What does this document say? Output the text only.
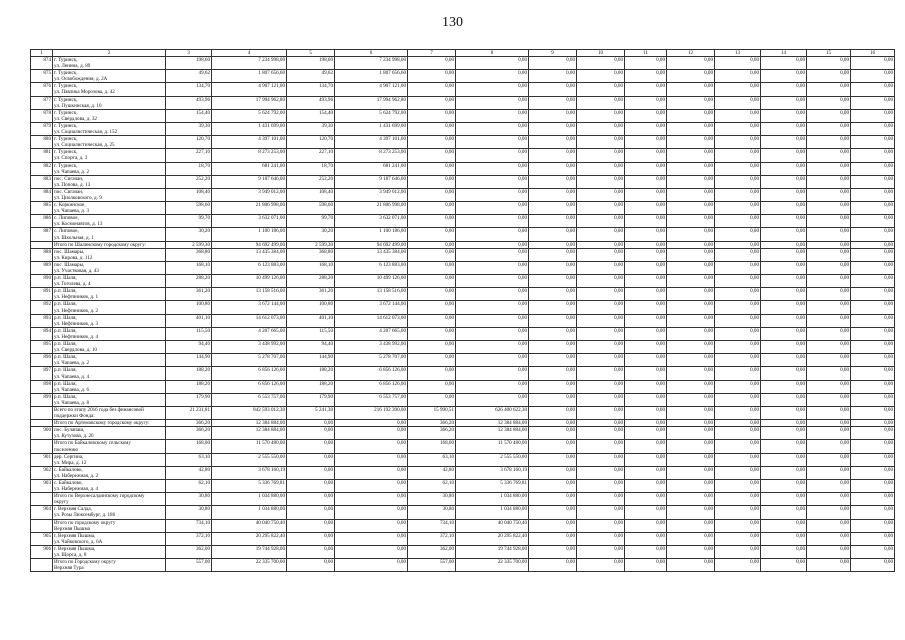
130
1	2	3	4	5	6	7	8	9	10	11	12	13	14	15	16
874	г. Туринск,
ул. Ленина, д. 89	198,60	7 234 998,00	198,60	7 234 998,00	0,00	0,00	0,00	0,00	0,00	0,00	0,00	0,00	0,00	0,00
875	г. Туринск,
ул. Освобождения, д. 2А	49,62	1 807 656,60	49,62	1 807 656,60	0,00	0,00	0,00	0,00	0,00	0,00	0,00	0,00	0,00	0,00
876	г. Туринск,
ул. Павлика Морозова, д. 42	134,70	4 907 121,00	134,70	4 907 121,00	0,00	0,00	0,00	0,00	0,00	0,00	0,00	0,00	0,00	0,00
877	г. Туринск,
ул. Пушкинская, д. 10	493,96	17 994 962,80	493,96	17 994 962,80	0,00	0,00	0,00	0,00	0,00	0,00	0,00	0,00	0,00	0,00
878	г. Туринск,
ул. Свердлова, д. 32	154,40	5 624 792,00	154,40	5 624 792,00	0,00	0,00	0,00	0,00	0,00	0,00	0,00	0,00	0,00	0,00
879	г. Туринск,
ул. Социалистическая, д. 152	39,30	1 431 699,00	39,30	1 431 699,00	0,00	0,00	0,00	0,00	0,00	0,00	0,00	0,00	0,00	0,00
880	г. Туринск,
ул. Социалистическая, д. 25	120,70	4 397 101,00	120,70	4 397 101,00	0,00	0,00	0,00	0,00	0,00	0,00	0,00	0,00	0,00	0,00
881	г. Туринск,
ул. Спорта, д. 3	227,10	8 273 253,00	227,10	8 273 253,00	0,00	0,00	0,00	0,00	0,00	0,00	0,00	0,00	0,00	0,00
882	г. Туринск,
ул. Чапаева, д. 2	18,70	681 241,00	18,70	681 241,00	0,00	0,00	0,00	0,00	0,00	0,00	0,00	0,00	0,00	0,00
883	пос. Сигачан,
ул. Попова, д. 13	252,20	9 187 646,00	252,20	9 187 646,00	0,00	0,00	0,00	0,00	0,00	0,00	0,00	0,00	0,00	0,00
884	пос. Сигачан,
ул. Циолковского, д. 9	108,40	3 949 012,00	108,40	3 949 012,00	0,00	0,00	0,00	0,00	0,00	0,00	0,00	0,00	0,00	0,00
885	с. Коркинское,
ул. Чапаева, д. 3	598,60	21 806 998,00	598,60	21 806 998,00	0,00	0,00	0,00	0,00	0,00	0,00	0,00	0,00	0,00	0,00
886	с. Липовое,
ул. Космонавтов, д. 13	99,70	3 632 071,00	99,70	3 632 071,00	0,00	0,00	0,00	0,00	0,00	0,00	0,00	0,00	0,00	0,00
887	с. Липовое,
ул. Школьная, д. 1	30,20	1 100 186,00	30,20	1 100 186,00	0,00	0,00	0,00	0,00	0,00	0,00	0,00	0,00	0,00	0,00

	Итого по Шалинскому городскому округу:	2 599,30	94 692 499,00	2 599,30	94 692 499,00	0,00	0,00	0,00	0,00	0,00	0,00	0,00	0,00	0,00	0,00
888	пос. Шамары,
ул. Кирова, д. 112	368,80	13 435 384,00	368,80	13 435 384,00	0,00	0,00	0,00	0,00	0,00	0,00	0,00	0,00	0,00	0,00
889	пос. Шамары,
ул. Участковая, д. 43	168,10	6 123 883,00	168,10	6 123 883,00	0,00	0,00	0,00	0,00	0,00	0,00	0,00	0,00	0,00	0,00
890	р.п. Шаля,
ул. Гоголева, д. 4	288,20	10 499 126,00	288,20	10 499 126,00	0,00	0,00	0,00	0,00	0,00	0,00	0,00	0,00	0,00	0,00
891	р.п. Шаля,
ул. Нефтяников, д. 1	361,20	13 158 516,00	361,20	13 158 516,00	0,00	0,00	0,00	0,00	0,00	0,00	0,00	0,00	0,00	0,00
892	р.п. Шаля,
ул. Нефтяников, д. 2	100,80	3 672 144,00	100,80	3 672 144,00	0,00	0,00	0,00	0,00	0,00	0,00	0,00	0,00	0,00	0,00
893	р.п. Шаля,
ул. Нефтяников, д. 3	401,10	14 612 073,00	401,10	14 612 073,00	0,00	0,00	0,00	0,00	0,00	0,00	0,00	0,00	0,00	0,00
894	р.п. Шаля,
ул. Нефтяников, д. 4	115,50	4 207 665,00	115,50	4 207 665,00	0,00	0,00	0,00	0,00	0,00	0,00	0,00	0,00	0,00	0,00
895	р.п. Шаля,
ул. Свердлова, д. 10	94,40	3 438 992,00	94,40	3 438 992,00	0,00	0,00	0,00	0,00	0,00	0,00	0,00	0,00	0,00	0,00
896	р.п. Шаля,
ул. Чапаева, д. 2	144,90	5 278 707,00	144,90	5 278 707,00	0,00	0,00	0,00	0,00	0,00	0,00	0,00	0,00	0,00	0,00
897	р.п. Шаля,
ул. Чапаева, д. 4	188,20	6 856 126,00	188,20	6 856 126,00	0,00	0,00	0,00	0,00	0,00	0,00	0,00	0,00	0,00	0,00
898	р.п. Шаля,
ул. Чапаева, д. 6	188,20	6 856 126,00	188,20	6 856 126,00	0,00	0,00	0,00	0,00	0,00	0,00	0,00	0,00	0,00	0,00
899	р.п. Шаля,
ул. Чапаева, д. 8	179,90	6 553 757,00	179,90	6 553 757,00	0,00	0,00	0,00	0,00	0,00	0,00	0,00	0,00	0,00	0,00

	Всего по этапу 2016 года без финансовой
поддержки Фонда:	21 231,81	842 593 012,30	5 241,30	216 192 390,00	15 990,51	626 400 622,30	0,00	0,00	0,00	0,00	0,00	0,00	0,00	0,00

	Итого по Артемовскому городскому округу:	366,20	12 384 884,00	0,00	0,00	366,20	12 384 884,00	0,00	0,00	0,00	0,00	0,00	0,00	0,00	0,00
900	пос. Буланаш,
ул. Кутузова, д. 26	366,20	12 384 884,00	0,00	0,00	366,20	12 384 884,00	0,00	0,00	0,00	0,00	0,00	0,00	0,00	0,00

	Итого по Байкаловскому сельскому
поселению	168,00	11 570 480,00	0,00	0,00	168,00	11 570 480,00	0,00	0,00	0,00	0,00	0,00	0,00	0,00	0,00
901	дер. Сергина,
ул. Мира, д. 12	63,10	2 555 550,00	0,00	0,00	63,10	2 555 550,00	0,00	0,00	0,00	0,00	0,00	0,00	0,00	0,00
902	с. Байкалово,
ул. Набережная, д. 2	42,80	3 678 160,19	0,00	0,00	42,80	3 678 160,19	0,00	0,00	0,00	0,00	0,00	0,00	0,00	0,00
903	с. Байкалово,
ул. Набережная, д. 4	62,10	5 336 769,81	0,00	0,00	62,10	5 336 769,81	0,00	0,00	0,00	0,00	0,00	0,00	0,00	0,00

	Итого по Верхнесалдинскому городскому
округу	30,80	1 034 880,00	0,00	0,00	30,80	1 034 880,00	0,00	0,00	0,00	0,00	0,00	0,00	0,00	0,00
904	г. Верхняя Салда,
ул. Розы Люксембург, д. 186	30,80	1 034 880,00	0,00	0,00	30,80	1 034 880,00	0,00	0,00	0,00	0,00	0,00	0,00	0,00	0,00

	Итого по городскому округу
Верхняя Пышма	734,10	40 040 750,40	0,00	0,00	734,10	40 040 750,40	0,00	0,00	0,00	0,00	0,00	0,00	0,00	0,00
905	г. Верхняя Пышма,
ул. Чайковского, д. 6А	372,10	20 295 822,40	0,00	0,00	372,10	20 295 822,40	0,00	0,00	0,00	0,00	0,00	0,00	0,00	0,00
906	г. Верхняя Пышма,
ул. Щорса, д. 8	362,00	19 744 928,00	0,00	0,00	362,00	19 744 928,00	0,00	0,00	0,00	0,00	0,00	0,00	0,00	0,00

	Итого по Городскому округу
Верхняя Тура	557,00	22 335 700,00	0,00	0,00	557,00	22 335 700,00	0,00	0,00	0,00	0,00	0,00	0,00	0,00	0,00
